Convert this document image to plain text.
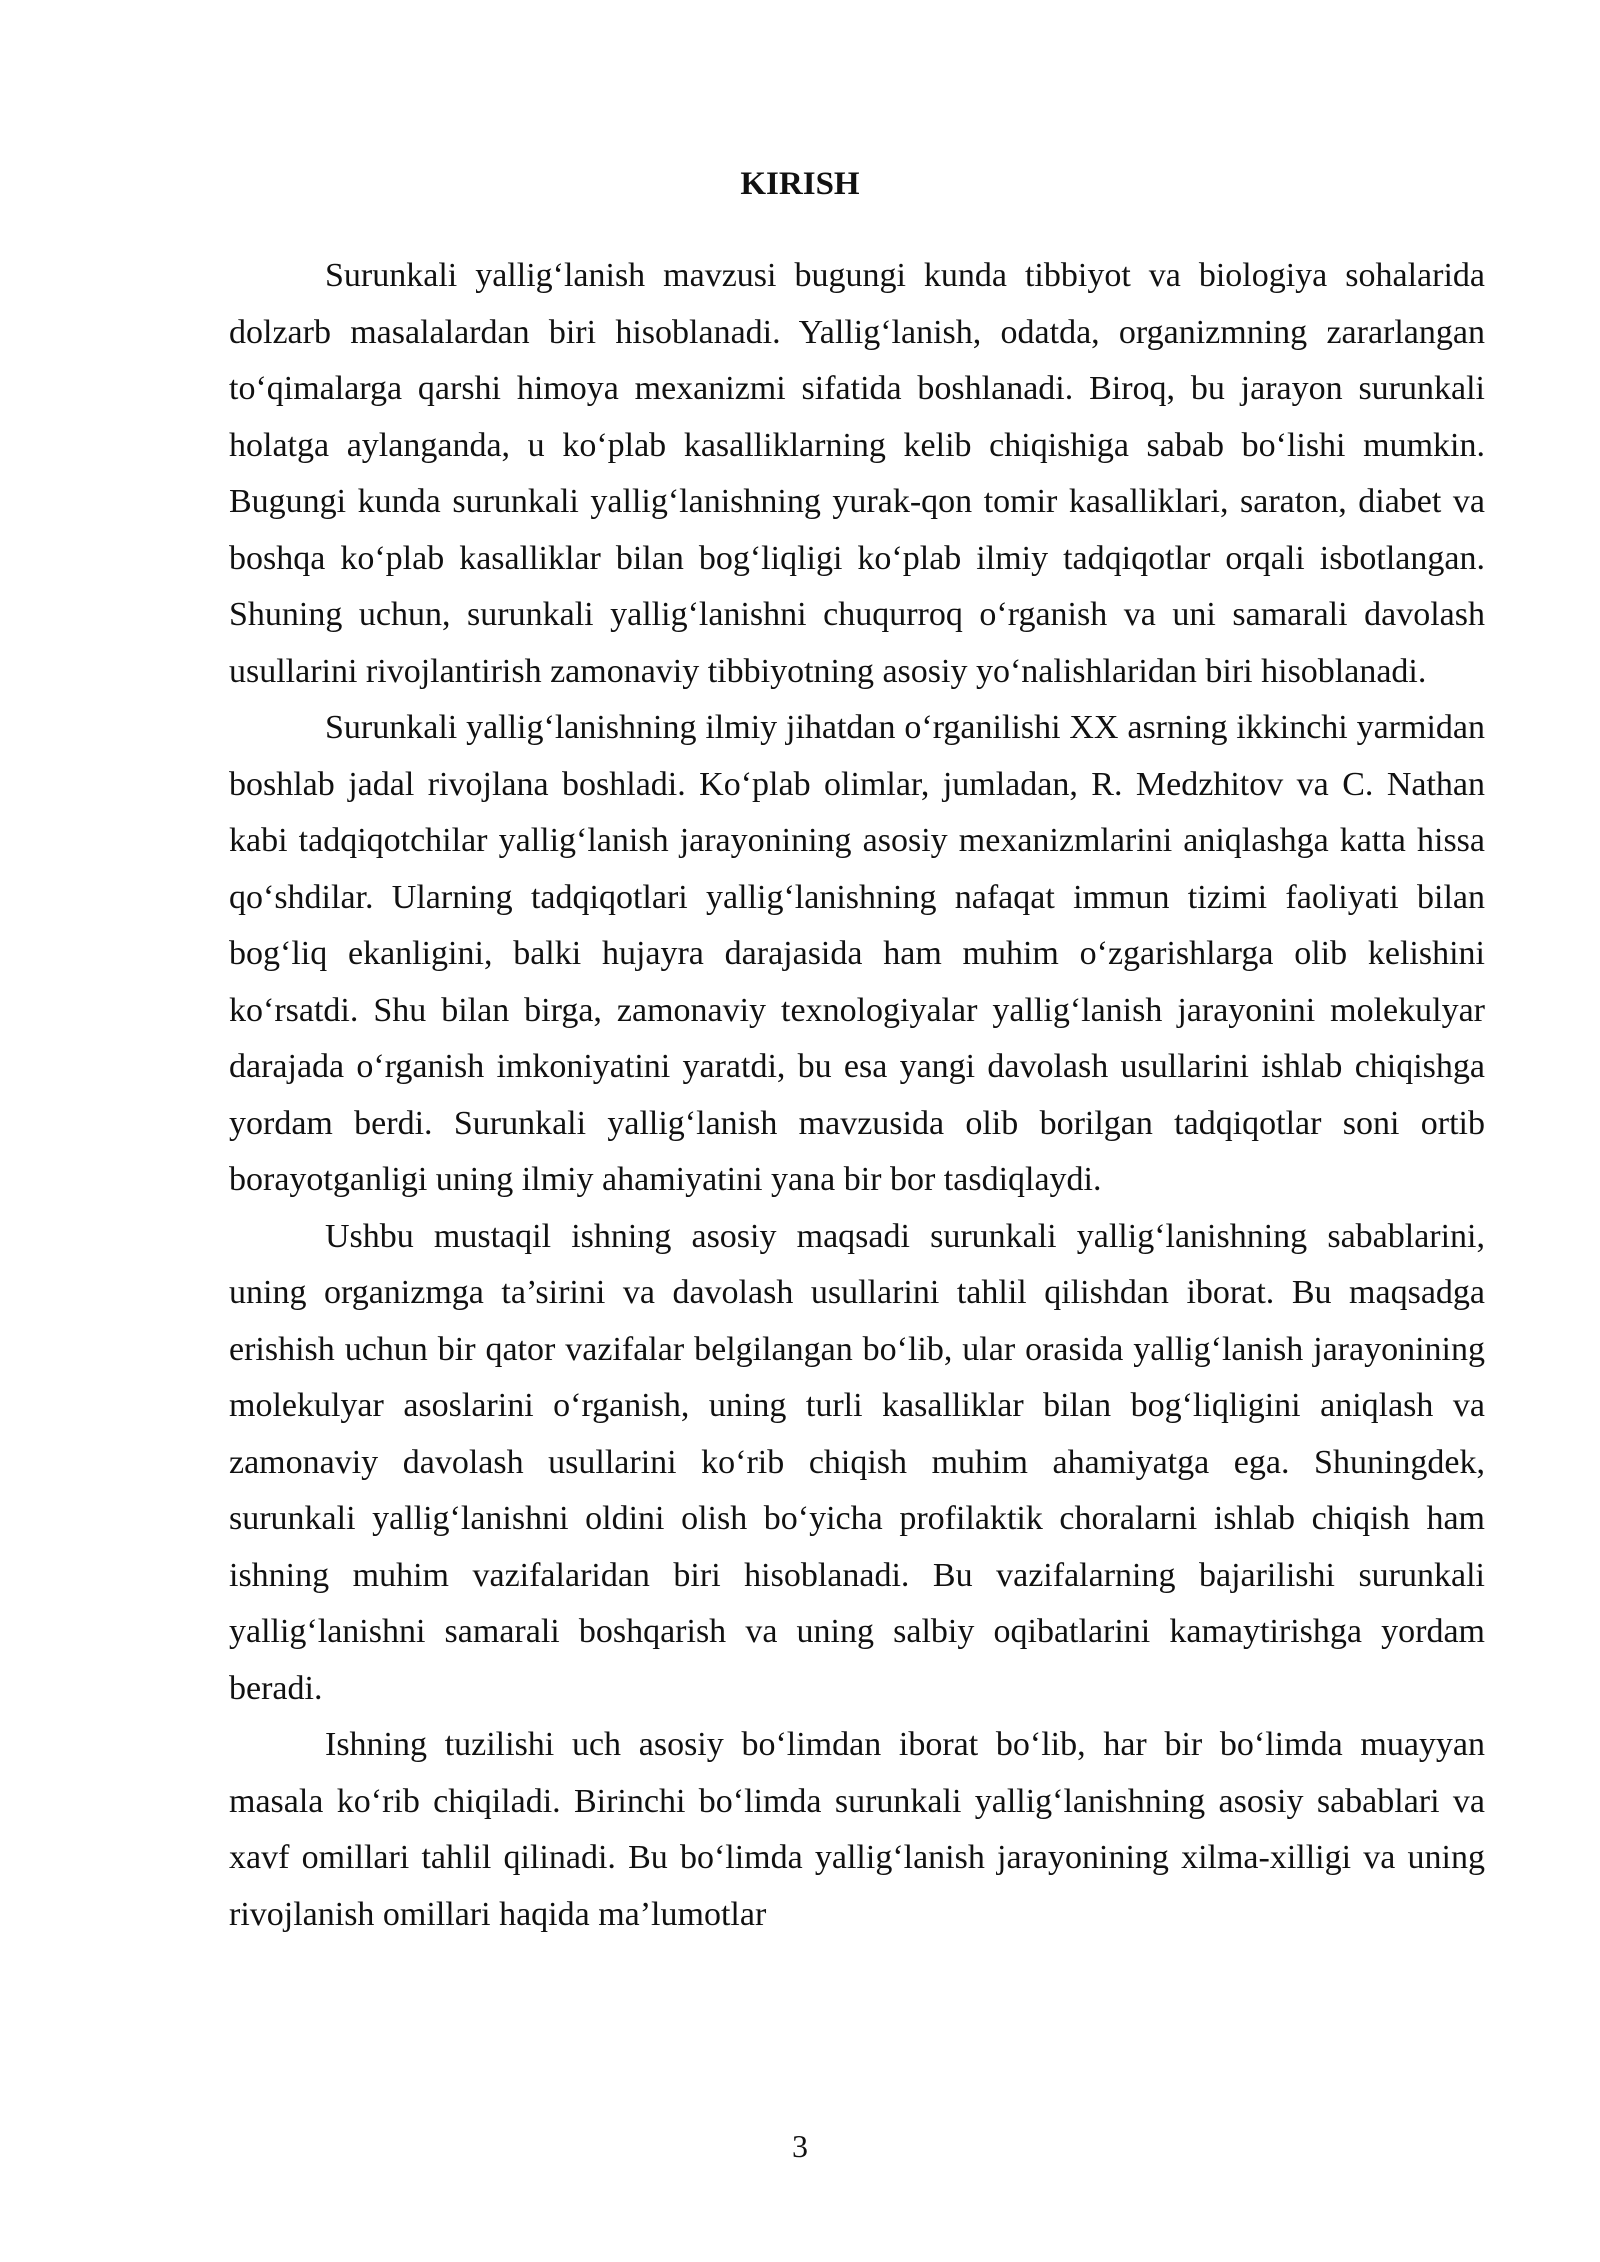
KIRISH

Surunkali yallig‘lanish mavzusi bugungi kunda tibbiyot va biologiya sohalarida dolzarb masalalardan biri hisoblanadi. Yallig‘lanish, odatda, organizmning zararlangan to‘qimalarga qarshi himoya mexanizmi sifatida boshlanadi. Biroq, bu jarayon surunkali holatga aylanganda, u ko‘plab kasalliklarning kelib chiqishiga sabab bo‘lishi mumkin. Bugungi kunda surunkali yallig‘lanishning yurak-qon tomir kasalliklari, saraton, diabet va boshqa ko‘plab kasalliklar bilan bog‘liqligi ko‘plab ilmiy tadqiqotlar orqali isbotlangan. Shuning uchun, surunkali yallig‘lanishni chuqurroq o‘rganish va uni samarali davolash usullarini rivojlantirish zamonaviy tibbiyotning asosiy yo‘nalishlaridan biri hisoblanadi.

Surunkali yallig‘lanishning ilmiy jihatdan o‘rganilishi XX asrning ikkinchi yarmidan boshlab jadal rivojlana boshladi. Ko‘plab olimlar, jumladan, R. Medzhitov va C. Nathan kabi tadqiqotchilar yallig‘lanish jarayonining asosiy mexanizmlarini aniqlashga katta hissa qo‘shdilar. Ularning tadqiqotlari yallig‘lanishning nafaqat immun tizimi faoliyati bilan bog‘liq ekanligini, balki hujayra darajasida ham muhim o‘zgarishlarga olib kelishini ko‘rsatdi. Shu bilan birga, zamonaviy texnologiyalar yallig‘lanish jarayonini molekulyar darajada o‘rganish imkoniyatini yaratdi, bu esa yangi davolash usullarini ishlab chiqishga yordam berdi. Surunkali yallig‘lanish mavzusida olib borilgan tadqiqotlar soni ortib borayotganligi uning ilmiy ahamiyatini yana bir bor tasdiqlaydi.

Ushbu mustaqil ishning asosiy maqsadi surunkali yallig‘lanishning sabablarini, uning organizmga ta’sirini va davolash usullarini tahlil qilishdan iborat. Bu maqsadga erishish uchun bir qator vazifalar belgilangan bo‘lib, ular orasida yallig‘lanish jarayonining molekulyar asoslarini o‘rganish, uning turli kasalliklar bilan bog‘liqligini aniqlash va zamonaviy davolash usullarini ko‘rib chiqish muhim ahamiyatga ega. Shuningdek, surunkali yallig‘lanishni oldini olish bo‘yicha profilaktik choralarni ishlab chiqish ham ishning muhim vazifalaridan biri hisoblanadi. Bu vazifalarning bajarilishi surunkali yallig‘lanishni samarali boshqarish va uning salbiy oqibatlarini kamaytirishga yordam beradi.

Ishning tuzilishi uch asosiy bo‘limdan iborat bo‘lib, har bir bo‘limda muayyan masala ko‘rib chiqiladi. Birinchi bo‘limda surunkali yallig‘lanishning asosiy sabablari va xavf omillari tahlil qilinadi. Bu bo‘limda yallig‘lanish jarayonining xilma-xilligi va uning rivojlanish omillari haqida ma’lumotlar

3
